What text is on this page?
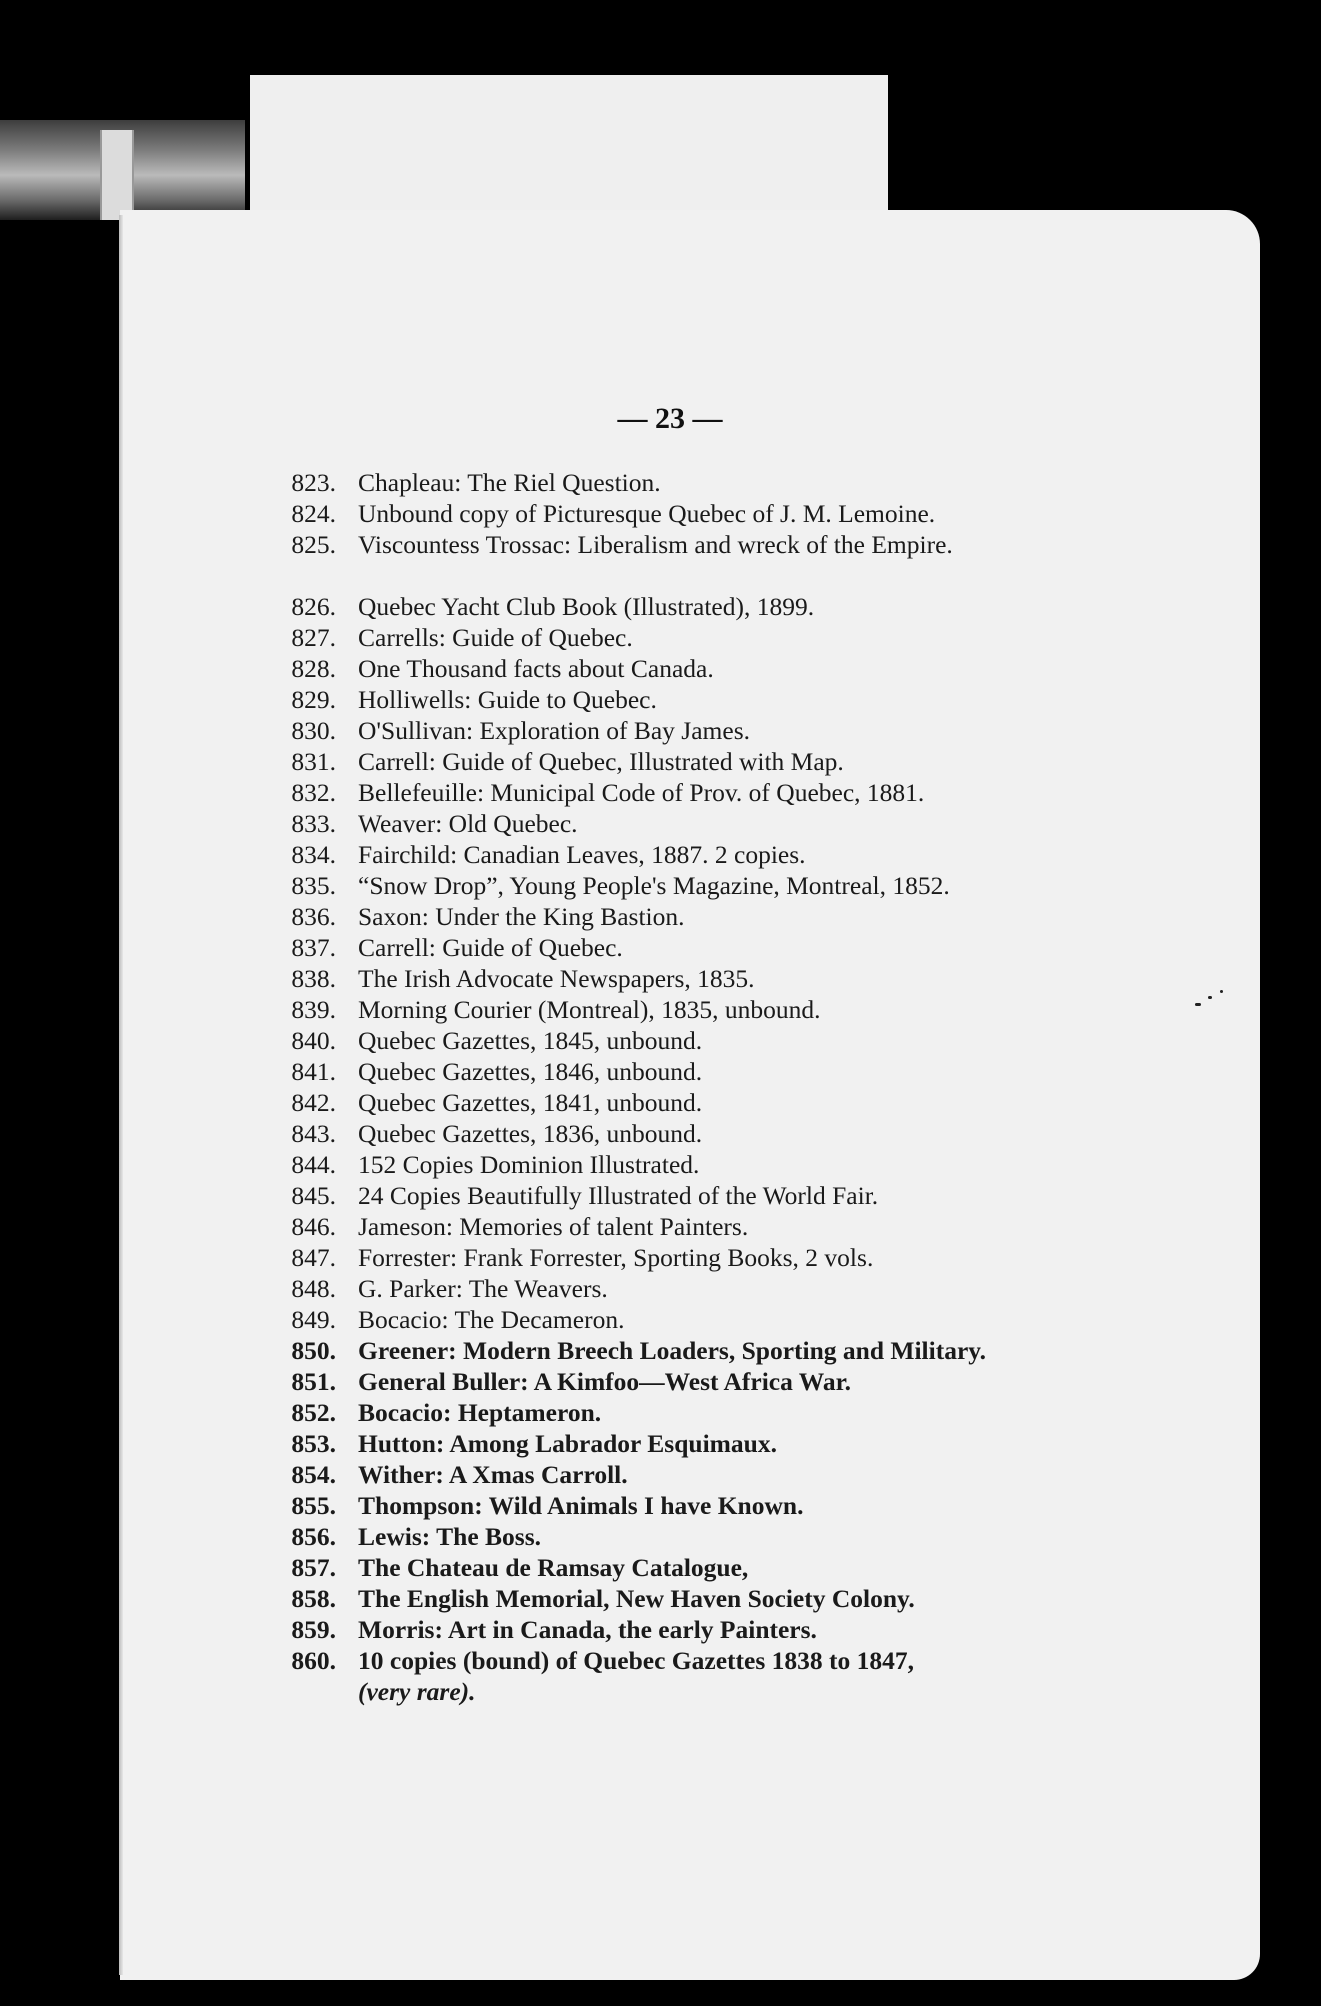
— 23 —
823. Chapleau: The Riel Question.
824. Unbound copy of Picturesque Quebec of J. M. Lemoine.
825. Viscountess Trossac: Liberalism and wreck of the Empire.
826. Quebec Yacht Club Book (Illustrated), 1899.
827. Carrells: Guide of Quebec.
828. One Thousand facts about Canada.
829. Holliwells: Guide to Quebec.
830. O'Sullivan: Exploration of Bay James.
831. Carrell: Guide of Quebec, Illustrated with Map.
832. Bellefeuille: Municipal Code of Prov. of Quebec, 1881.
833. Weaver: Old Quebec.
834. Fairchild: Canadian Leaves, 1887. 2 copies.
835. “Snow Drop”, Young People's Magazine, Montreal, 1852.
836. Saxon: Under the King Bastion.
837. Carrell: Guide of Quebec.
838. The Irish Advocate Newspapers, 1835.
839. Morning Courier (Montreal), 1835, unbound.
840. Quebec Gazettes, 1845, unbound.
841. Quebec Gazettes, 1846, unbound.
842. Quebec Gazettes, 1841, unbound.
843. Quebec Gazettes, 1836, unbound.
844. 152 Copies Dominion Illustrated.
845. 24 Copies Beautifully Illustrated of the World Fair.
846. Jameson: Memories of talent Painters.
847. Forrester: Frank Forrester, Sporting Books, 2 vols.
848. G. Parker: The Weavers.
849. Bocacio: The Decameron.
850. Greener: Modern Breech Loaders, Sporting and Military.
851. General Buller: A Kimfoo—West Africa War.
852. Bocacio: Heptameron.
853. Hutton: Among Labrador Esquimaux.
854. Wither: A Xmas Carroll.
855. Thompson: Wild Animals I have Known.
856. Lewis: The Boss.
857. The Chateau de Ramsay Catalogue,
858. The English Memorial, New Haven Society Colony.
859. Morris: Art in Canada, the early Painters.
860. 10 copies (bound) of Quebec Gazettes 1838 to 1847,
(very rare).
